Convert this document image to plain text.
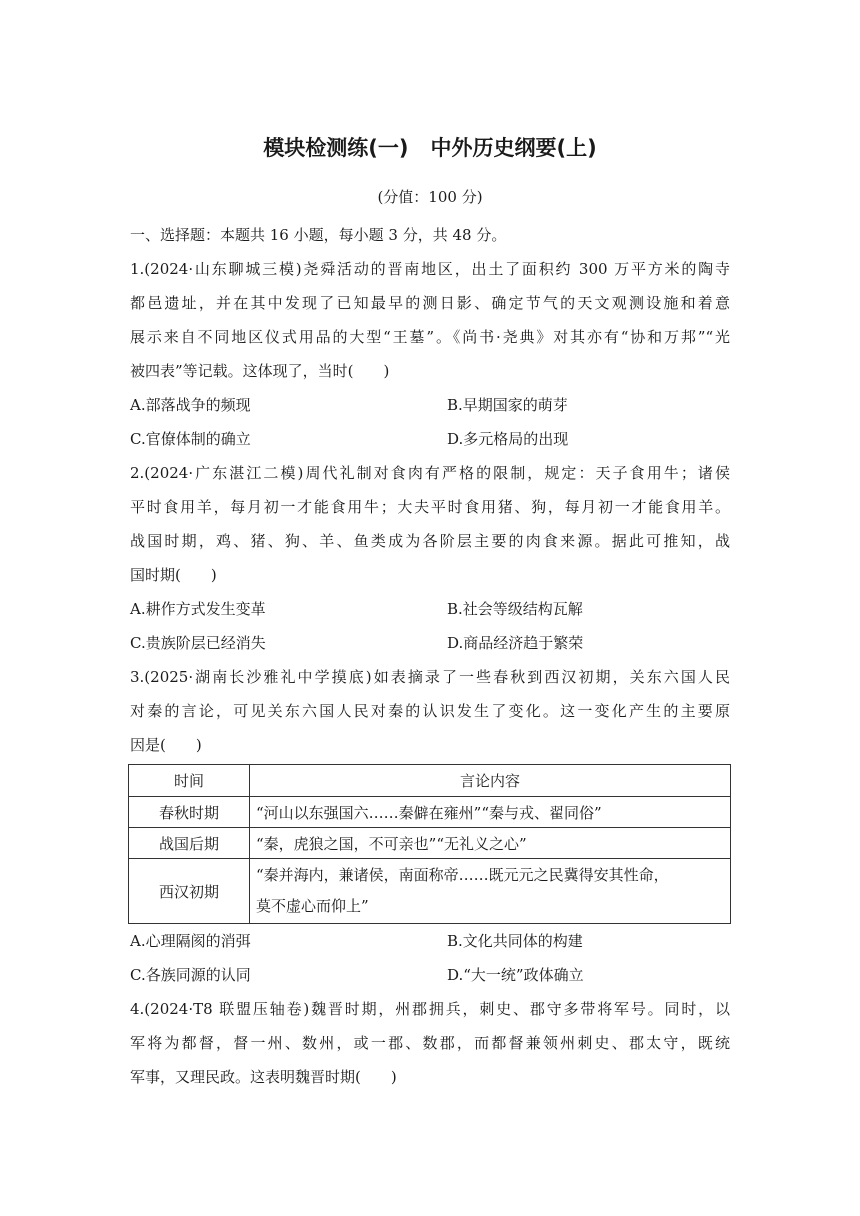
模块检测练(一) 中外历史纲要(上)
(分值：100 分)
一、选择题：本题共 16 小题，每小题 3 分，共 48 分。
1.(2024·山东聊城三模)尧舜活动的晋南地区，出土了面积约 300 万平方米的陶寺
都邑遗址，并在其中发现了已知最早的测日影、确定节气的天文观测设施和着意
展示来自不同地区仪式用品的大型“王墓”。《尚书·尧典》对其亦有“协和万邦”“光
被四表”等记载。这体现了，当时(　　)
A.部落战争的频现	B.早期国家的萌芽
C.官僚体制的确立	D.多元格局的出现
2.(2024·广东湛江二模)周代礼制对食肉有严格的限制，规定：天子食用牛；诸侯
平时食用羊，每月初一才能食用牛；大夫平时食用猪、狗，每月初一才能食用羊。
战国时期，鸡、猪、狗、羊、鱼类成为各阶层主要的肉食来源。据此可推知，战
国时期(　　)
A.耕作方式发生变革	B.社会等级结构瓦解
C.贵族阶层已经消失	D.商品经济趋于繁荣
3.(2025·湖南长沙雅礼中学摸底)如表摘录了一些春秋到西汉初期，关东六国人民
对秦的言论，可见关东六国人民对秦的认识发生了变化。这一变化产生的主要原
因是(　　)
时间	言论内容
春秋时期	“河山以东强国六……秦僻在雍州”“秦与戎、翟同俗”
战国后期	“秦，虎狼之国，不可亲也”“无礼义之心”
西汉初期	“秦并海内，兼诸侯，南面称帝……既元元之民冀得安其性命，
莫不虚心而仰上”
A.心理隔阂的消弭	B.文化共同体的构建
C.各族同源的认同	D.“大一统”政体确立
4.(2024·T8 联盟压轴卷)魏晋时期，州郡拥兵，刺史、郡守多带将军号。同时，以
军将为都督，督一州、数州，或一郡、数郡，而都督兼领州刺史、郡太守，既统
军事，又理民政。这表明魏晋时期(　　)
